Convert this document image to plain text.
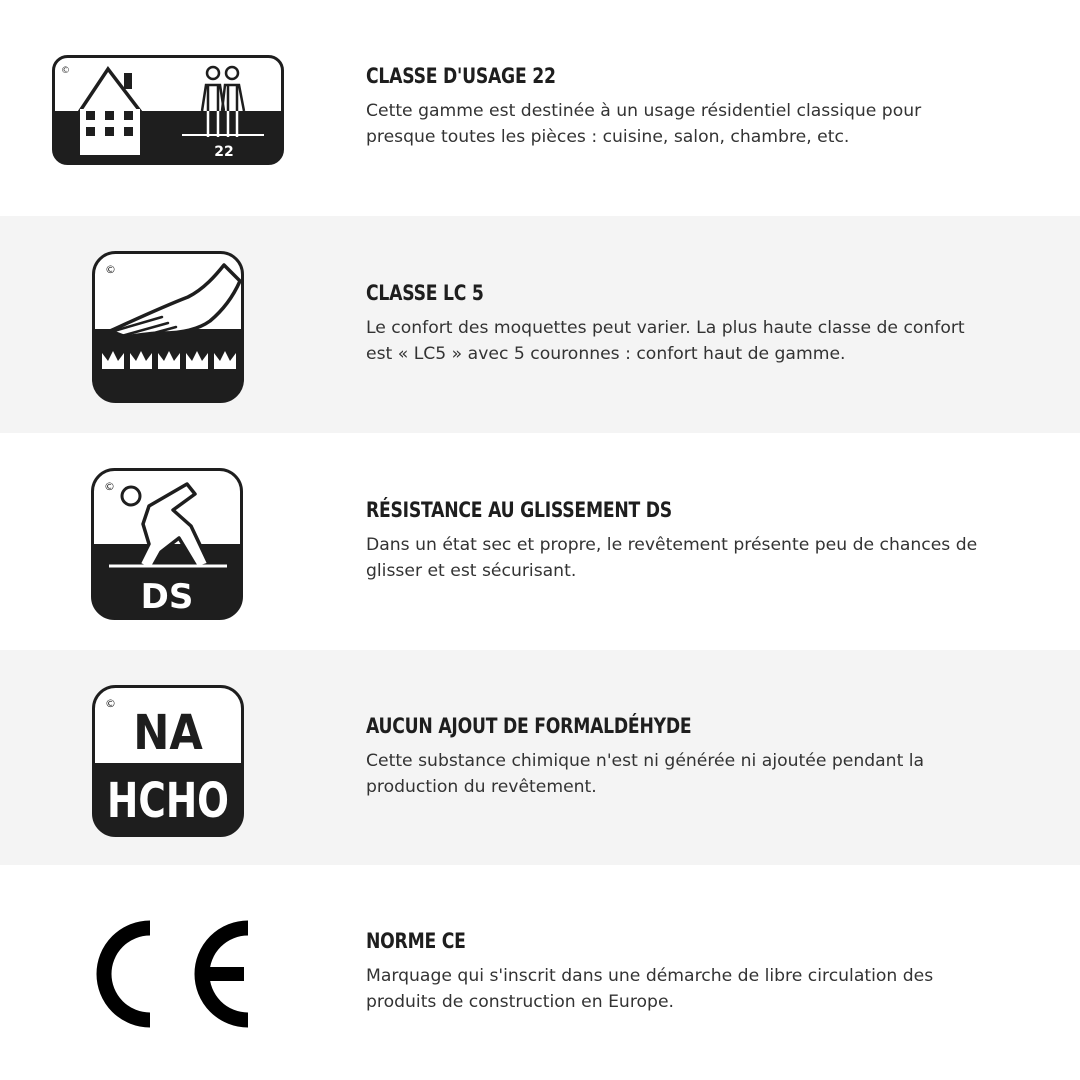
©
22
CLASSE D'USAGE 22

Cette gamme est destinée à un usage résidentiel classique pour presque toutes les pièces : cuisine, salon, chambre, etc.

©
CLASSE LC 5

Le confort des moquettes peut varier. La plus haute classe de confort est « LC5 » avec 5 couronnes : confort haut de gamme.

©
DS
RÉSISTANCE AU GLISSEMENT DS

Dans un état sec et propre, le revêtement présente peu de chances de glisser et est sécurisant.

©
NA
HCHO
AUCUN AJOUT DE FORMALDÉHYDE

Cette substance chimique n'est ni générée ni ajoutée pendant la production du revêtement.

NORME CE

Marquage qui s'inscrit dans une démarche de libre circulation des produits de construction en Europe.
